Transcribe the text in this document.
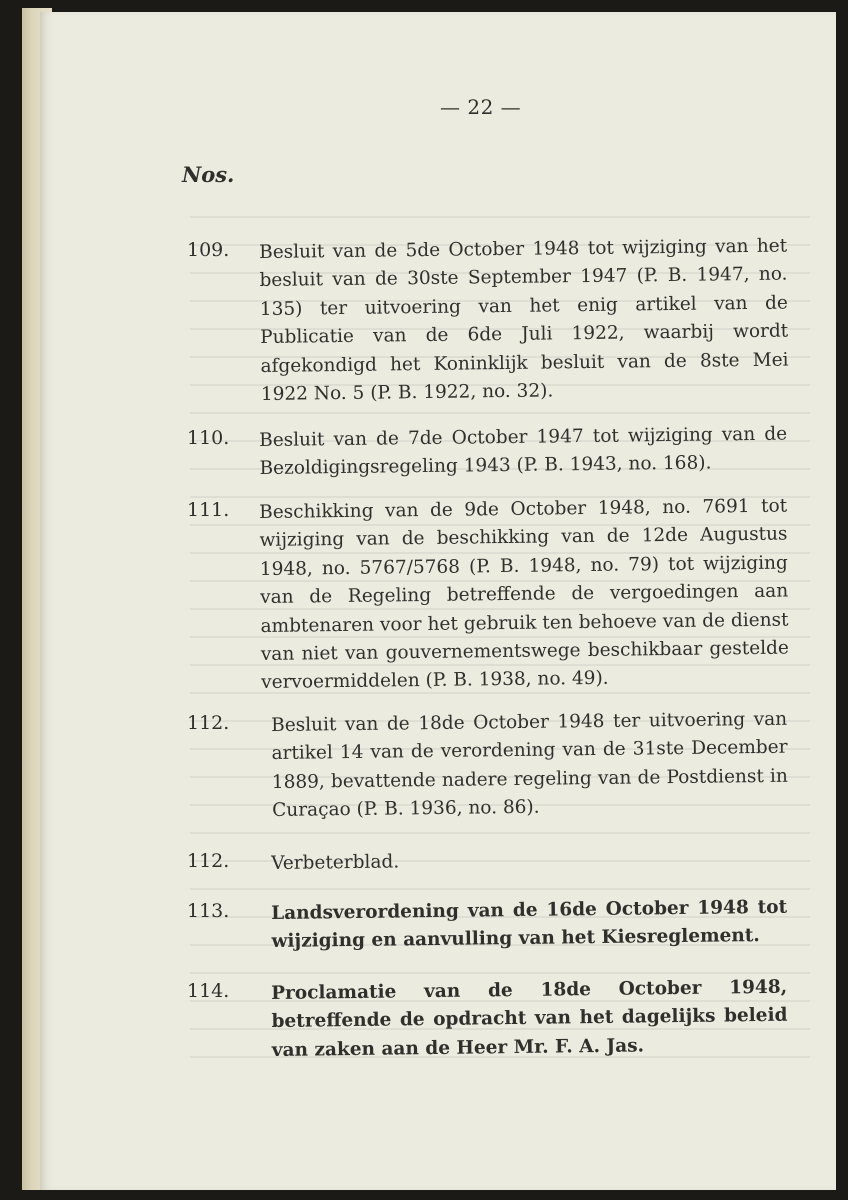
— 22 —
Nos.
109. Besluit van de 5de October 1948 tot wijziging van het besluit van de 30ste September 1947 (P. B. 1947, no. 135) ter uitvoering van het enig artikel van de Publicatie van de 6de Juli 1922, waarbij wordt afgekondigd het Koninklijk besluit van de 8ste Mei 1922 No. 5 (P. B. 1922, no. 32).

110. Besluit van de 7de October 1947 tot wijziging van de Bezoldigingsregeling 1943 (P. B. 1943, no. 168).

111. Beschikking van de 9de October 1948, no. 7691 tot wijziging van de beschikking van de 12de Augustus 1948, no. 5767/5768 (P. B. 1948, no. 79) tot wijziging van de Regeling betreffende de vergoedingen aan ambtenaren voor het gebruik ten behoeve van de dienst van niet van gouvernementswege beschikbaar gestelde vervoermiddelen (P. B. 1938, no. 49).

112. Besluit van de 18de October 1948 ter uitvoering van artikel 14 van de verordening van de 31ste December 1889, bevattende nadere regeling van de Postdienst in Curaçao (P. B. 1936, no. 86).

112. Verbeterblad.

113. Landsverordening van de 16de October 1948 tot wijziging en aanvulling van het Kiesreglement.

114. Proclamatie van de 18de October 1948, betreffende de opdracht van het dagelijks beleid van zaken aan de Heer Mr. F. A. Jas.
